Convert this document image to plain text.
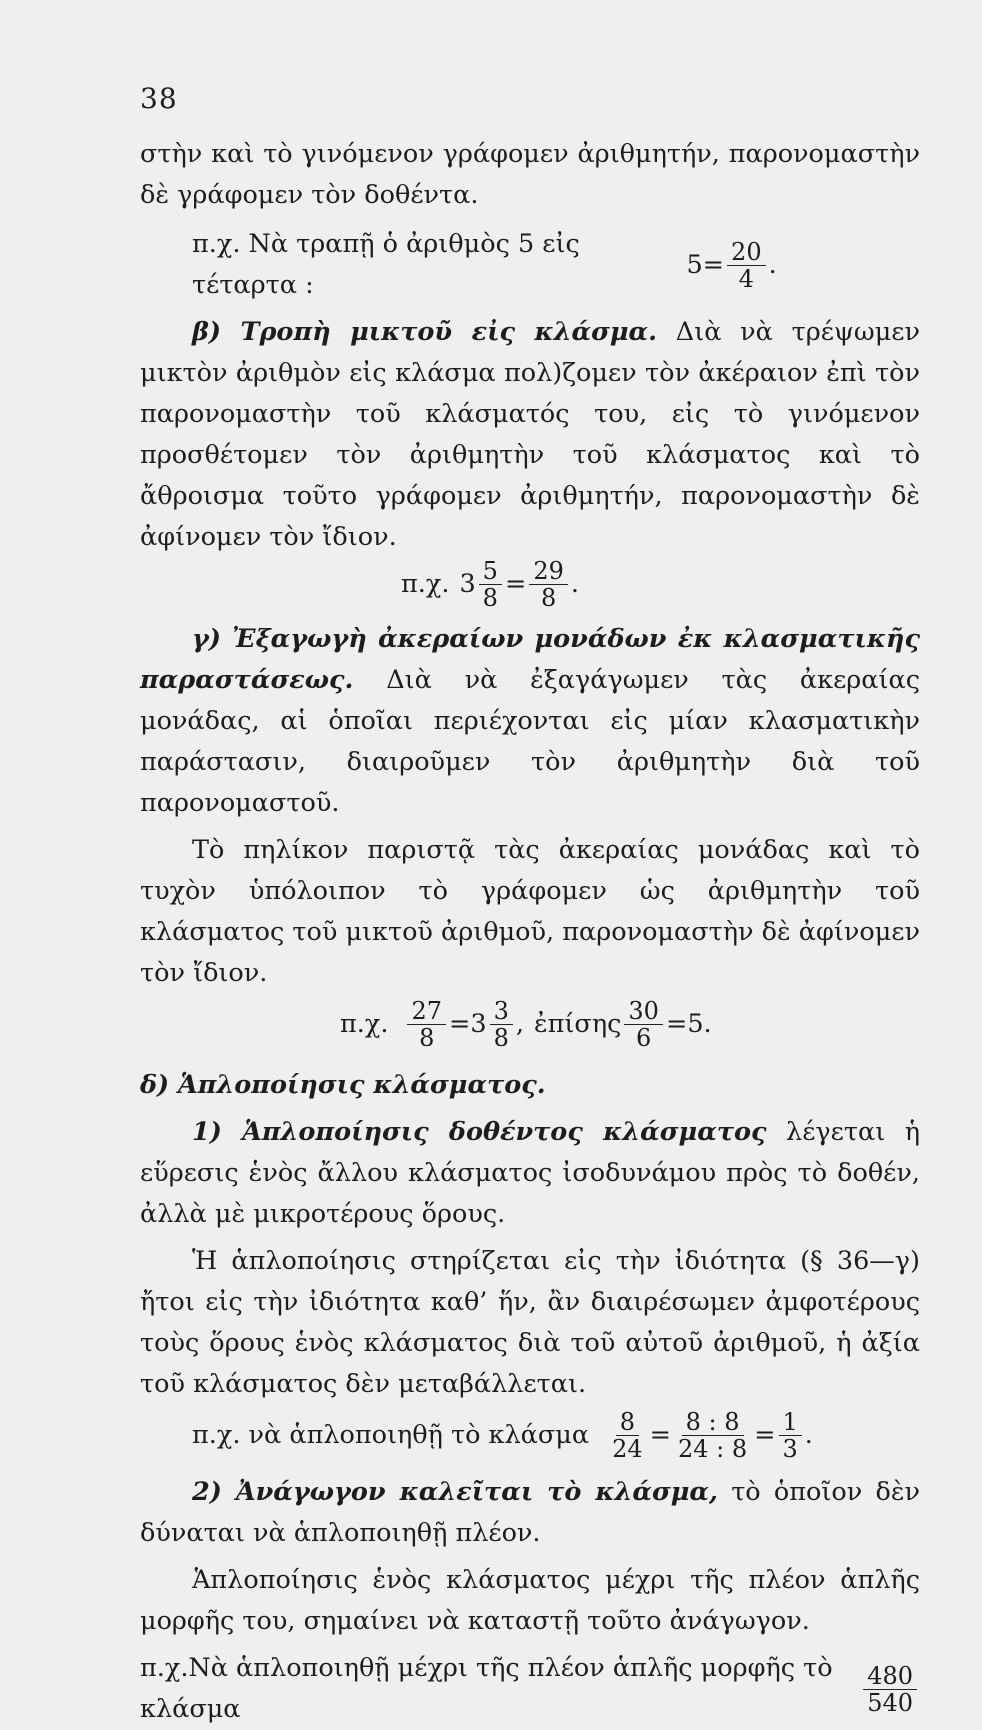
38

στὴν καὶ τὸ γινόμενον γράφομεν ἀριθμητήν, παρονομαστὴν δὲ γράφομεν τὸν δοθέντα.

π.χ. Νὰ τραπῇ ὁ ἀριθμὸς 5 εἰς τέταρτα :
$5= \frac{20}{4}$ .

β) Τροπὴ μικτοῦ εἰς κλάσμα. Διὰ νὰ τρέψωμεν μικτὸν ἀριθμὸν εἰς κλάσμα πολ)ζομεν τὸν ἀκέραιον ἐπὶ τὸν παρονομαστὴν τοῦ κλάσματός του, εἰς τὸ γινόμενον προσθέτομεν τὸν ἀριθμητὴν τοῦ κλάσματος καὶ τὸ ἄθροισμα τοῦτο γράφομεν ἀριθμητήν, παρονομαστὴν δὲ ἀφίνομεν τὸν ἴδιον.

π.χ. $3 \frac{5}{8} = \frac{29}{8}$ .

γ) Ἐξαγωγὴ ἀκεραίων μονάδων ἐκ κλασματικῆς παραστάσεως. Διὰ νὰ ἐξαγάγωμεν τὰς ἀκεραίας μονάδας, αἱ ὁποῖαι περιέχονται εἰς μίαν κλασματικὴν παράστασιν, διαιροῦμεν τὸν ἀριθμητὴν διὰ τοῦ παρονομαστοῦ.

Τὸ πηλίκον παριστᾷ τὰς ἀκεραίας μονάδας καὶ τὸ τυχὸν ὑπόλοιπον τὸ γράφομεν ὡς ἀριθμητὴν τοῦ κλάσματος τοῦ μικτοῦ ἀριθμοῦ, παρονομαστὴν δὲ ἀφίνομεν τὸν ἴδιον.

π.χ. $\frac{27}{8} = 3 \frac{3}{8}$ , ἐπίσης $\frac{30}{6} =5$.

δ) Ἁπλοποίησις κλάσματος.

1) Ἁπλοποίησις δοθέντος κλάσματος λέγεται ἡ εὕρεσις ἑνὸς ἄλλου κλάσματος ἰσοδυνάμου πρὸς τὸ δοθέν, ἀλλὰ μὲ μικροτέρους ὅρους.

Ἡ ἁπλοποίησις στηρίζεται εἰς τὴν ἰδιότητα (§ 36—γ) ἤτοι εἰς τὴν ἰδιότητα καθ’ ἥν, ἂν διαιρέσωμεν ἀμφοτέρους τοὺς ὅρους ἑνὸς κλάσματος διὰ τοῦ αὐτοῦ ἀριθμοῦ, ἡ ἀξία τοῦ κλάσματος δὲν μεταβάλλεται.

π.χ. νὰ ἁπλοποιηθῇ τὸ κλάσμα $\frac{8}{24} = \frac{8 : 8}{24 : 8} = \frac{1}{3}$ .

2) Ἀνάγωγον καλεῖται τὸ κλάσμα, τὸ ὁποῖον δὲν δύναται νὰ ἁπλοποιηθῇ πλέον.

Ἁπλοποίησις ἑνὸς κλάσματος μέχρι τῆς πλέον ἁπλῆς μορφῆς του, σημαίνει νὰ καταστῇ τοῦτο ἀνάγωγον.

π.χ.Νὰ ἁπλοποιηθῇ μέχρι τῆς πλέον ἁπλῆς μορφῆς τὸ κλάσμα	$\frac{480}{540}$
